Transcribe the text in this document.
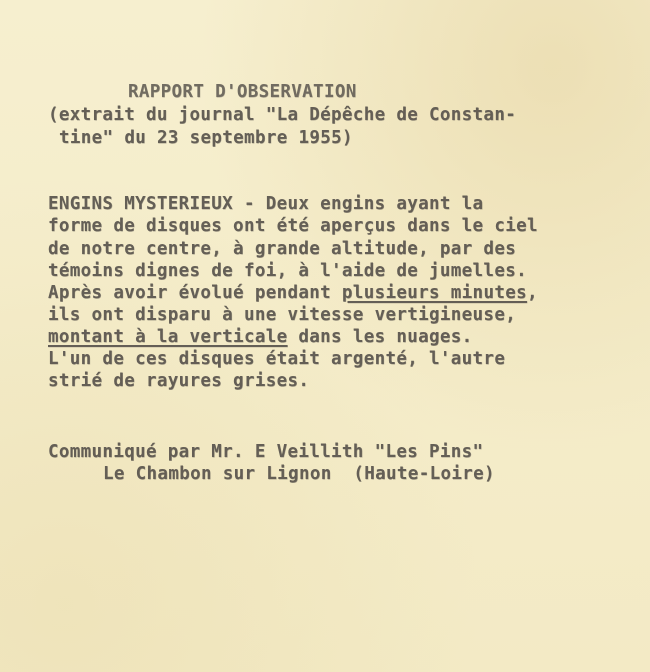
RAPPORT D'OBSERVATION
(extrait du journal "La Dépêche de Constan-
tine" du 23 septembre 1955)
ENGINS MYSTERIEUX - Deux engins ayant la
forme de disques ont été aperçus dans le ciel
de notre centre, à grande altitude, par des
témoins dignes de foi, à l'aide de jumelles.
Après avoir évolué pendant plusieurs minutes,
ils ont disparu à une vitesse vertigineuse,
montant à la verticale dans les nuages.
L'un de ces disques était argenté, l'autre
strié de rayures grises.
Communiqué par Mr. E Veillith "Les Pins"
Le Chambon sur Lignon  (Haute-Loire)
